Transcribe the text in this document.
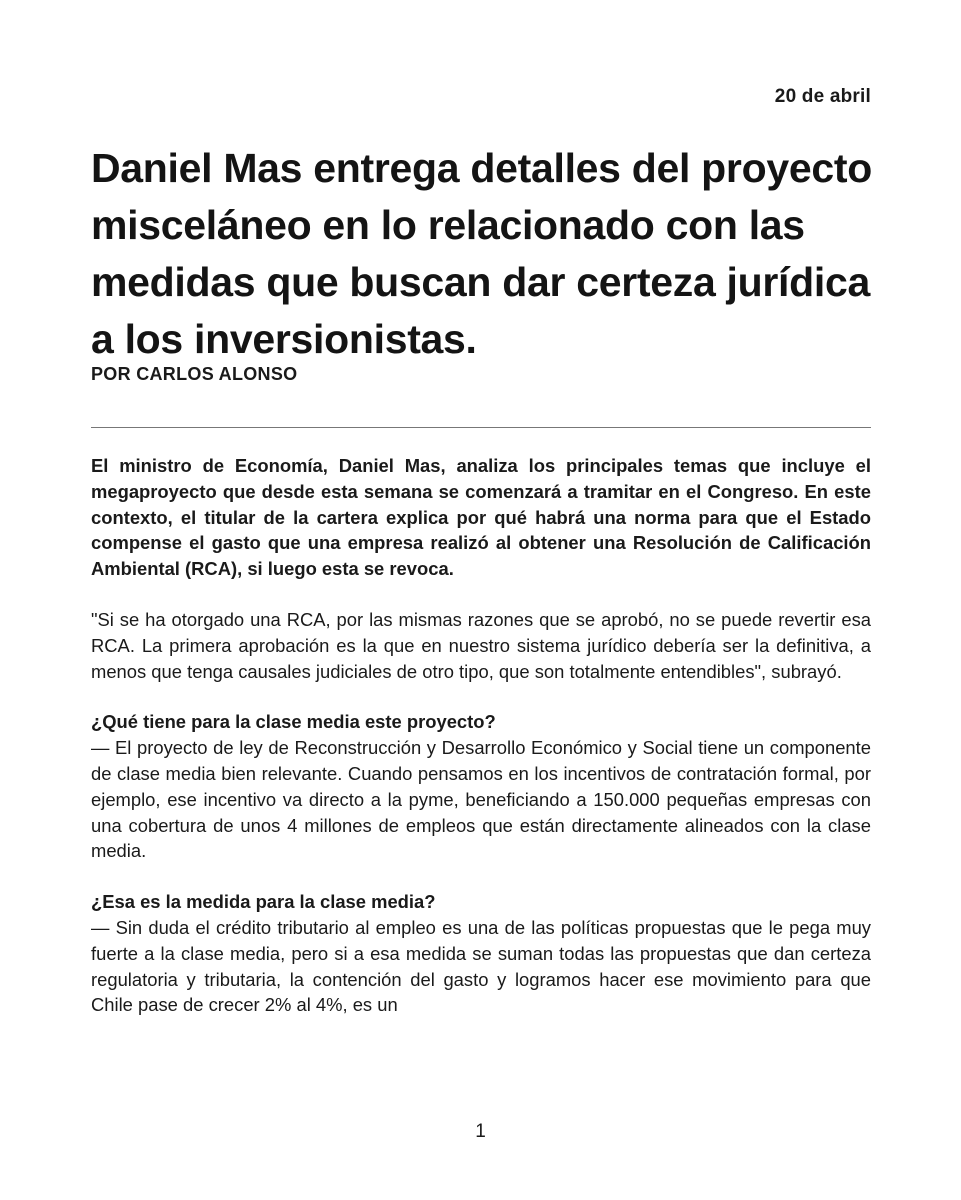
20 de abril

Daniel Mas entrega detalles del proyecto misceláneo en lo relacionado con las medidas que buscan dar certeza jurídica a los inversionistas.

POR CARLOS ALONSO

El ministro de Economía, Daniel Mas, analiza los principales temas que incluye el megaproyecto que desde esta semana se comenzará a tramitar en el Congreso. En este contexto, el titular de la cartera explica por qué habrá una norma para que el Estado compense el gasto que una empresa realizó al obtener una Resolución de Calificación Ambiental (RCA), si luego esta se revoca.

"Si se ha otorgado una RCA, por las mismas razones que se aprobó, no se puede revertir esa RCA. La primera aprobación es la que en nuestro sistema jurídico debería ser la definitiva, a menos que tenga causales judiciales de otro tipo, que son totalmente entendibles", subrayó.

¿Qué tiene para la clase media este proyecto?

— El proyecto de ley de Reconstrucción y Desarrollo Económico y Social tiene un componente de clase media bien relevante. Cuando pensamos en los incentivos de contratación formal, por ejemplo, ese incentivo va directo a la pyme, beneficiando a 150.000 pequeñas empresas con una cobertura de unos 4 millones de empleos que están directamente alineados con la clase media.

¿Esa es la medida para la clase media?

— Sin duda el crédito tributario al empleo es una de las políticas propuestas que le pega muy fuerte a la clase media, pero si a esa medida se suman todas las propuestas que dan certeza regulatoria y tributaria, la contención del gasto y logramos hacer ese movimiento para que Chile pase de crecer 2% al 4%, es un

1
